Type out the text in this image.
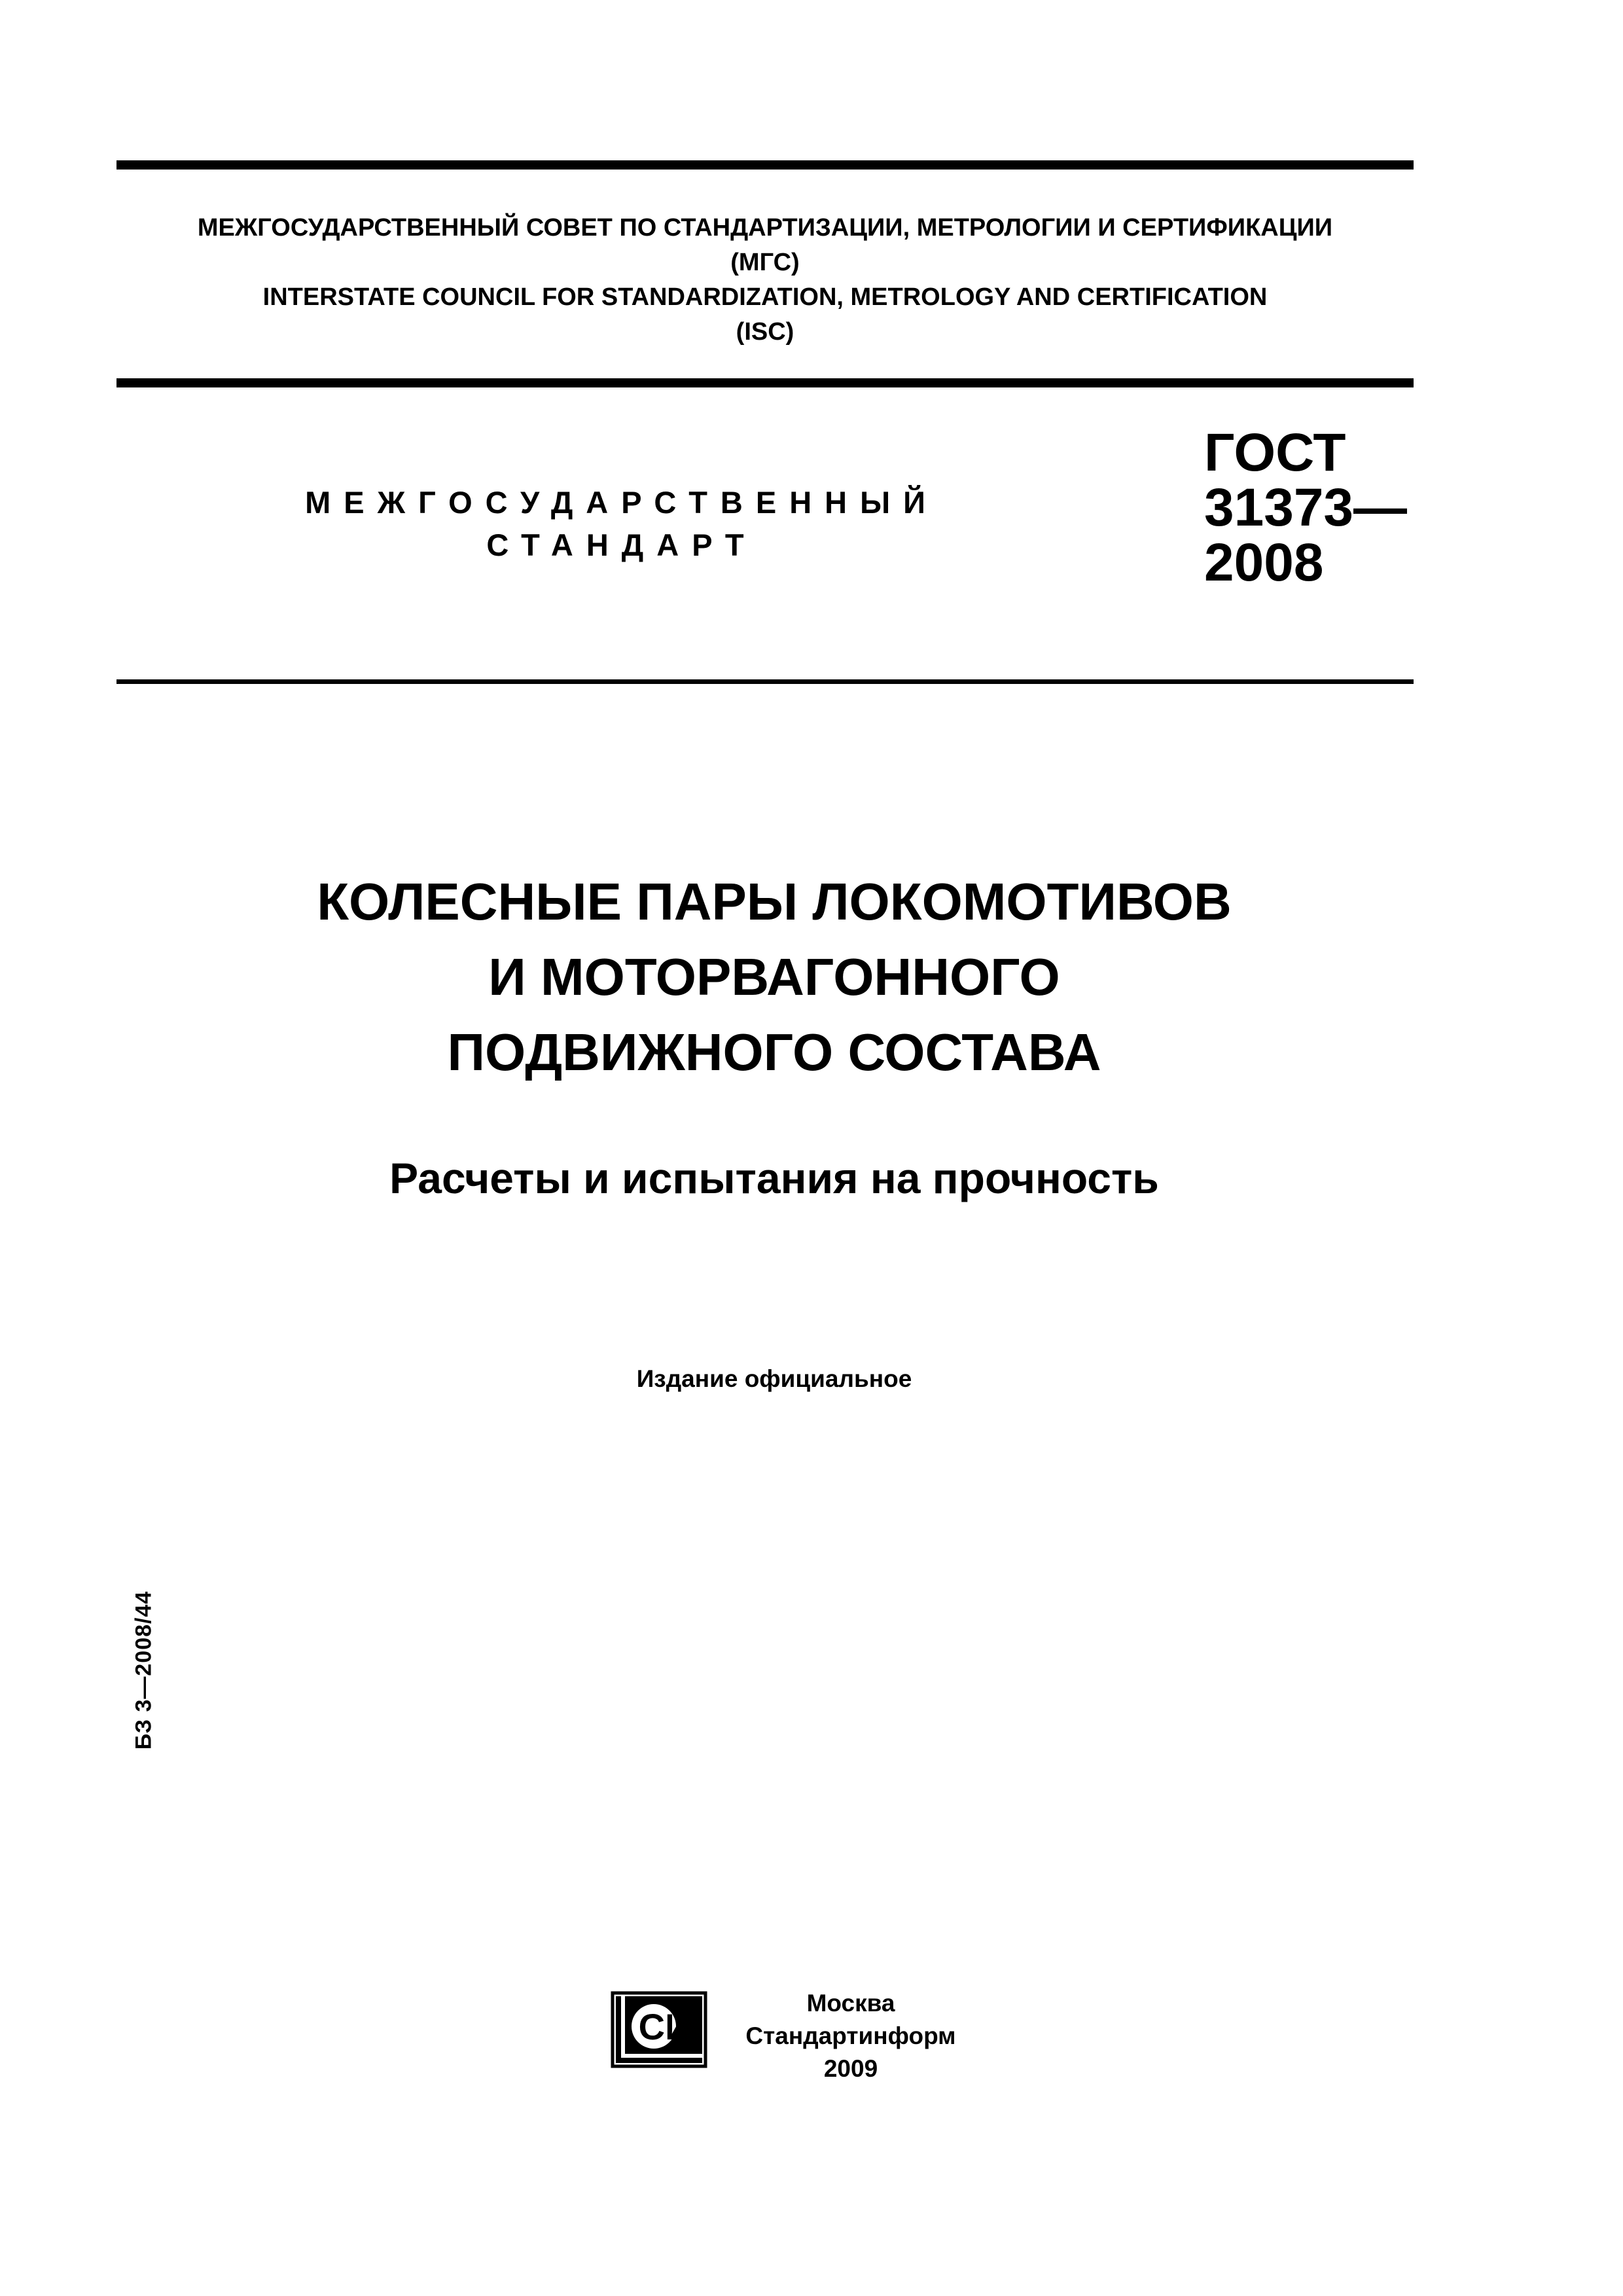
МЕЖГОСУДАРСТВЕННЫЙ СОВЕТ ПО СТАНДАРТИЗАЦИИ, МЕТРОЛОГИИ И СЕРТИФИКАЦИИ
(МГС)
INTERSTATE COUNCIL FOR STANDARDIZATION, METROLOGY AND CERTIFICATION
(ISC)
МЕЖГОСУДАРСТВЕННЫЙ
СТАНДАРТ
ГОСТ
31373—
2008
КОЛЕСНЫЕ ПАРЫ ЛОКОМОТИВОВ
И МОТОРВАГОННОГО
ПОДВИЖНОГО СОСТАВА
Расчеты и испытания на прочность
Издание официальное
БЗ 3—2008/44
СИ
Москва
Стандартинформ
2009
